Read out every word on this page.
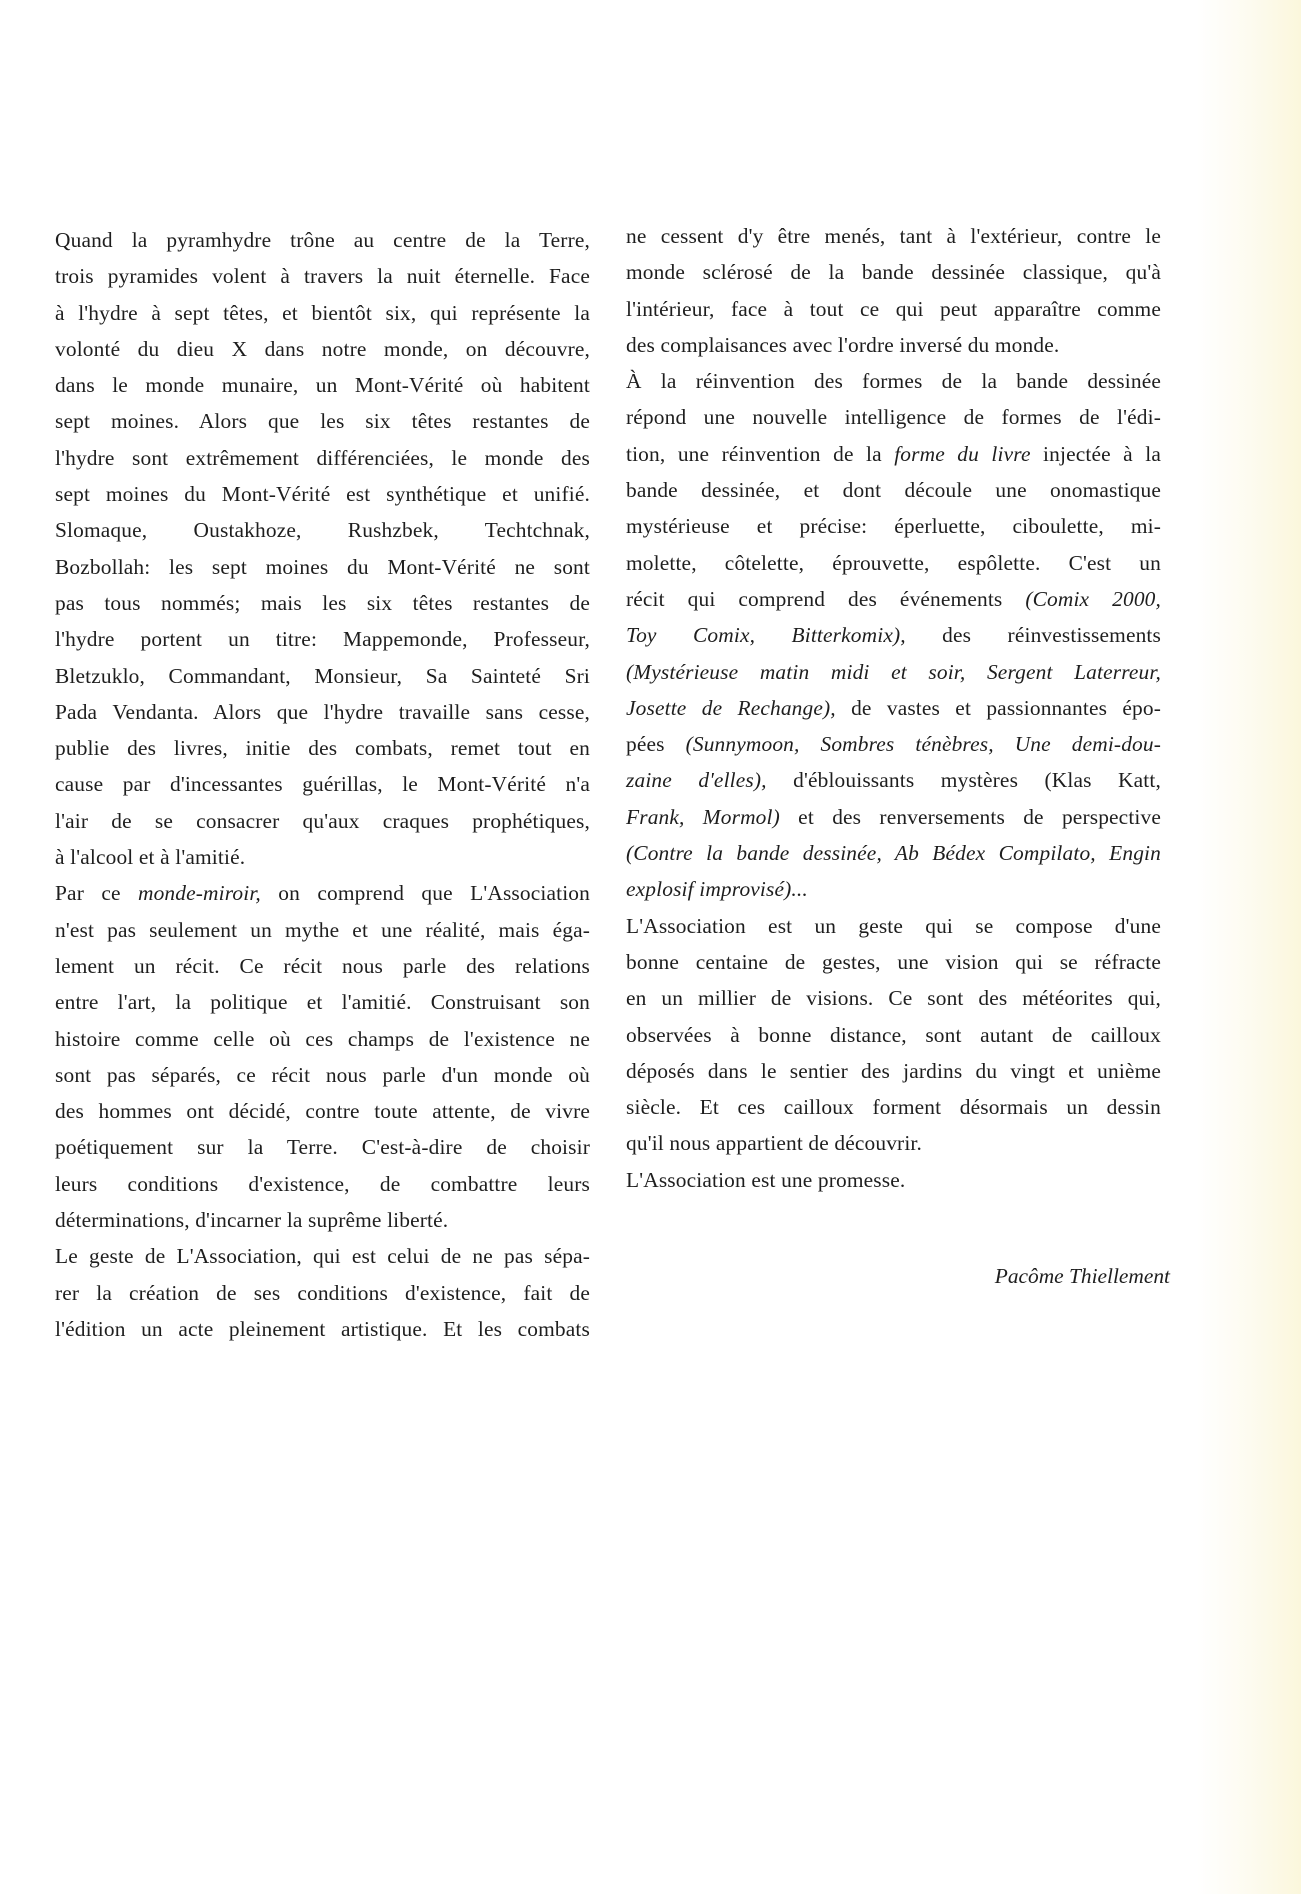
Quand la pyramhydre trône au centre de la Terre,
trois pyramides volent à travers la nuit éternelle. Face
à l'hydre à sept têtes, et bientôt six, qui représente la
volonté du dieu X dans notre monde, on découvre,
dans le monde munaire, un Mont-Vérité où habitent
sept moines. Alors que les six têtes restantes de
l'hydre sont extrêmement différenciées, le monde des
sept moines du Mont-Vérité est synthétique et unifié.
Slomaque, Oustakhoze, Rushzbek, Techtchnak,
Bozbollah: les sept moines du Mont-Vérité ne sont
pas tous nommés; mais les six têtes restantes de
l'hydre portent un titre: Mappemonde, Professeur,
Bletzuklo, Commandant, Monsieur, Sa Sainteté Sri
Pada Vendanta. Alors que l'hydre travaille sans cesse,
publie des livres, initie des combats, remet tout en
cause par d'incessantes guérillas, le Mont-Vérité n'a
l'air de se consacrer qu'aux craques prophétiques,
à l'alcool et à l'amitié.
Par ce monde-miroir, on comprend que L'Association
n'est pas seulement un mythe et une réalité, mais éga-
lement un récit. Ce récit nous parle des relations
entre l'art, la politique et l'amitié. Construisant son
histoire comme celle où ces champs de l'existence ne
sont pas séparés, ce récit nous parle d'un monde où
des hommes ont décidé, contre toute attente, de vivre
poétiquement sur la Terre. C'est-à-dire de choisir
leurs conditions d'existence, de combattre leurs
déterminations, d'incarner la suprême liberté.
Le geste de L'Association, qui est celui de ne pas sépa-
rer la création de ses conditions d'existence, fait de
l'édition un acte pleinement artistique. Et les combats
ne cessent d'y être menés, tant à l'extérieur, contre le
monde sclérosé de la bande dessinée classique, qu'à
l'intérieur, face à tout ce qui peut apparaître comme
des complaisances avec l'ordre inversé du monde.
À la réinvention des formes de la bande dessinée
répond une nouvelle intelligence de formes de l'édi-
tion, une réinvention de la forme du livre injectée à la
bande dessinée, et dont découle une onomastique
mystérieuse et précise: éperluette, ciboulette, mi-
molette, côtelette, éprouvette, espôlette. C'est un
récit qui comprend des événements (Comix 2000,
Toy Comix, Bitterkomix), des réinvestissements
(Mystérieuse matin midi et soir, Sergent Laterreur,
Josette de Rechange), de vastes et passionnantes épo-
pées (Sunnymoon, Sombres ténèbres, Une demi-dou-
zaine d'elles), d'éblouissants mystères (Klas Katt,
Frank, Mormol) et des renversements de perspective
(Contre la bande dessinée, Ab Bédex Compilato, Engin
explosif improvisé)...
L'Association est un geste qui se compose d'une
bonne centaine de gestes, une vision qui se réfracte
en un millier de visions. Ce sont des météorites qui,
observées à bonne distance, sont autant de cailloux
déposés dans le sentier des jardins du vingt et unième
siècle. Et ces cailloux forment désormais un dessin
qu'il nous appartient de découvrir.
L'Association est une promesse.
Pacôme Thiellement
